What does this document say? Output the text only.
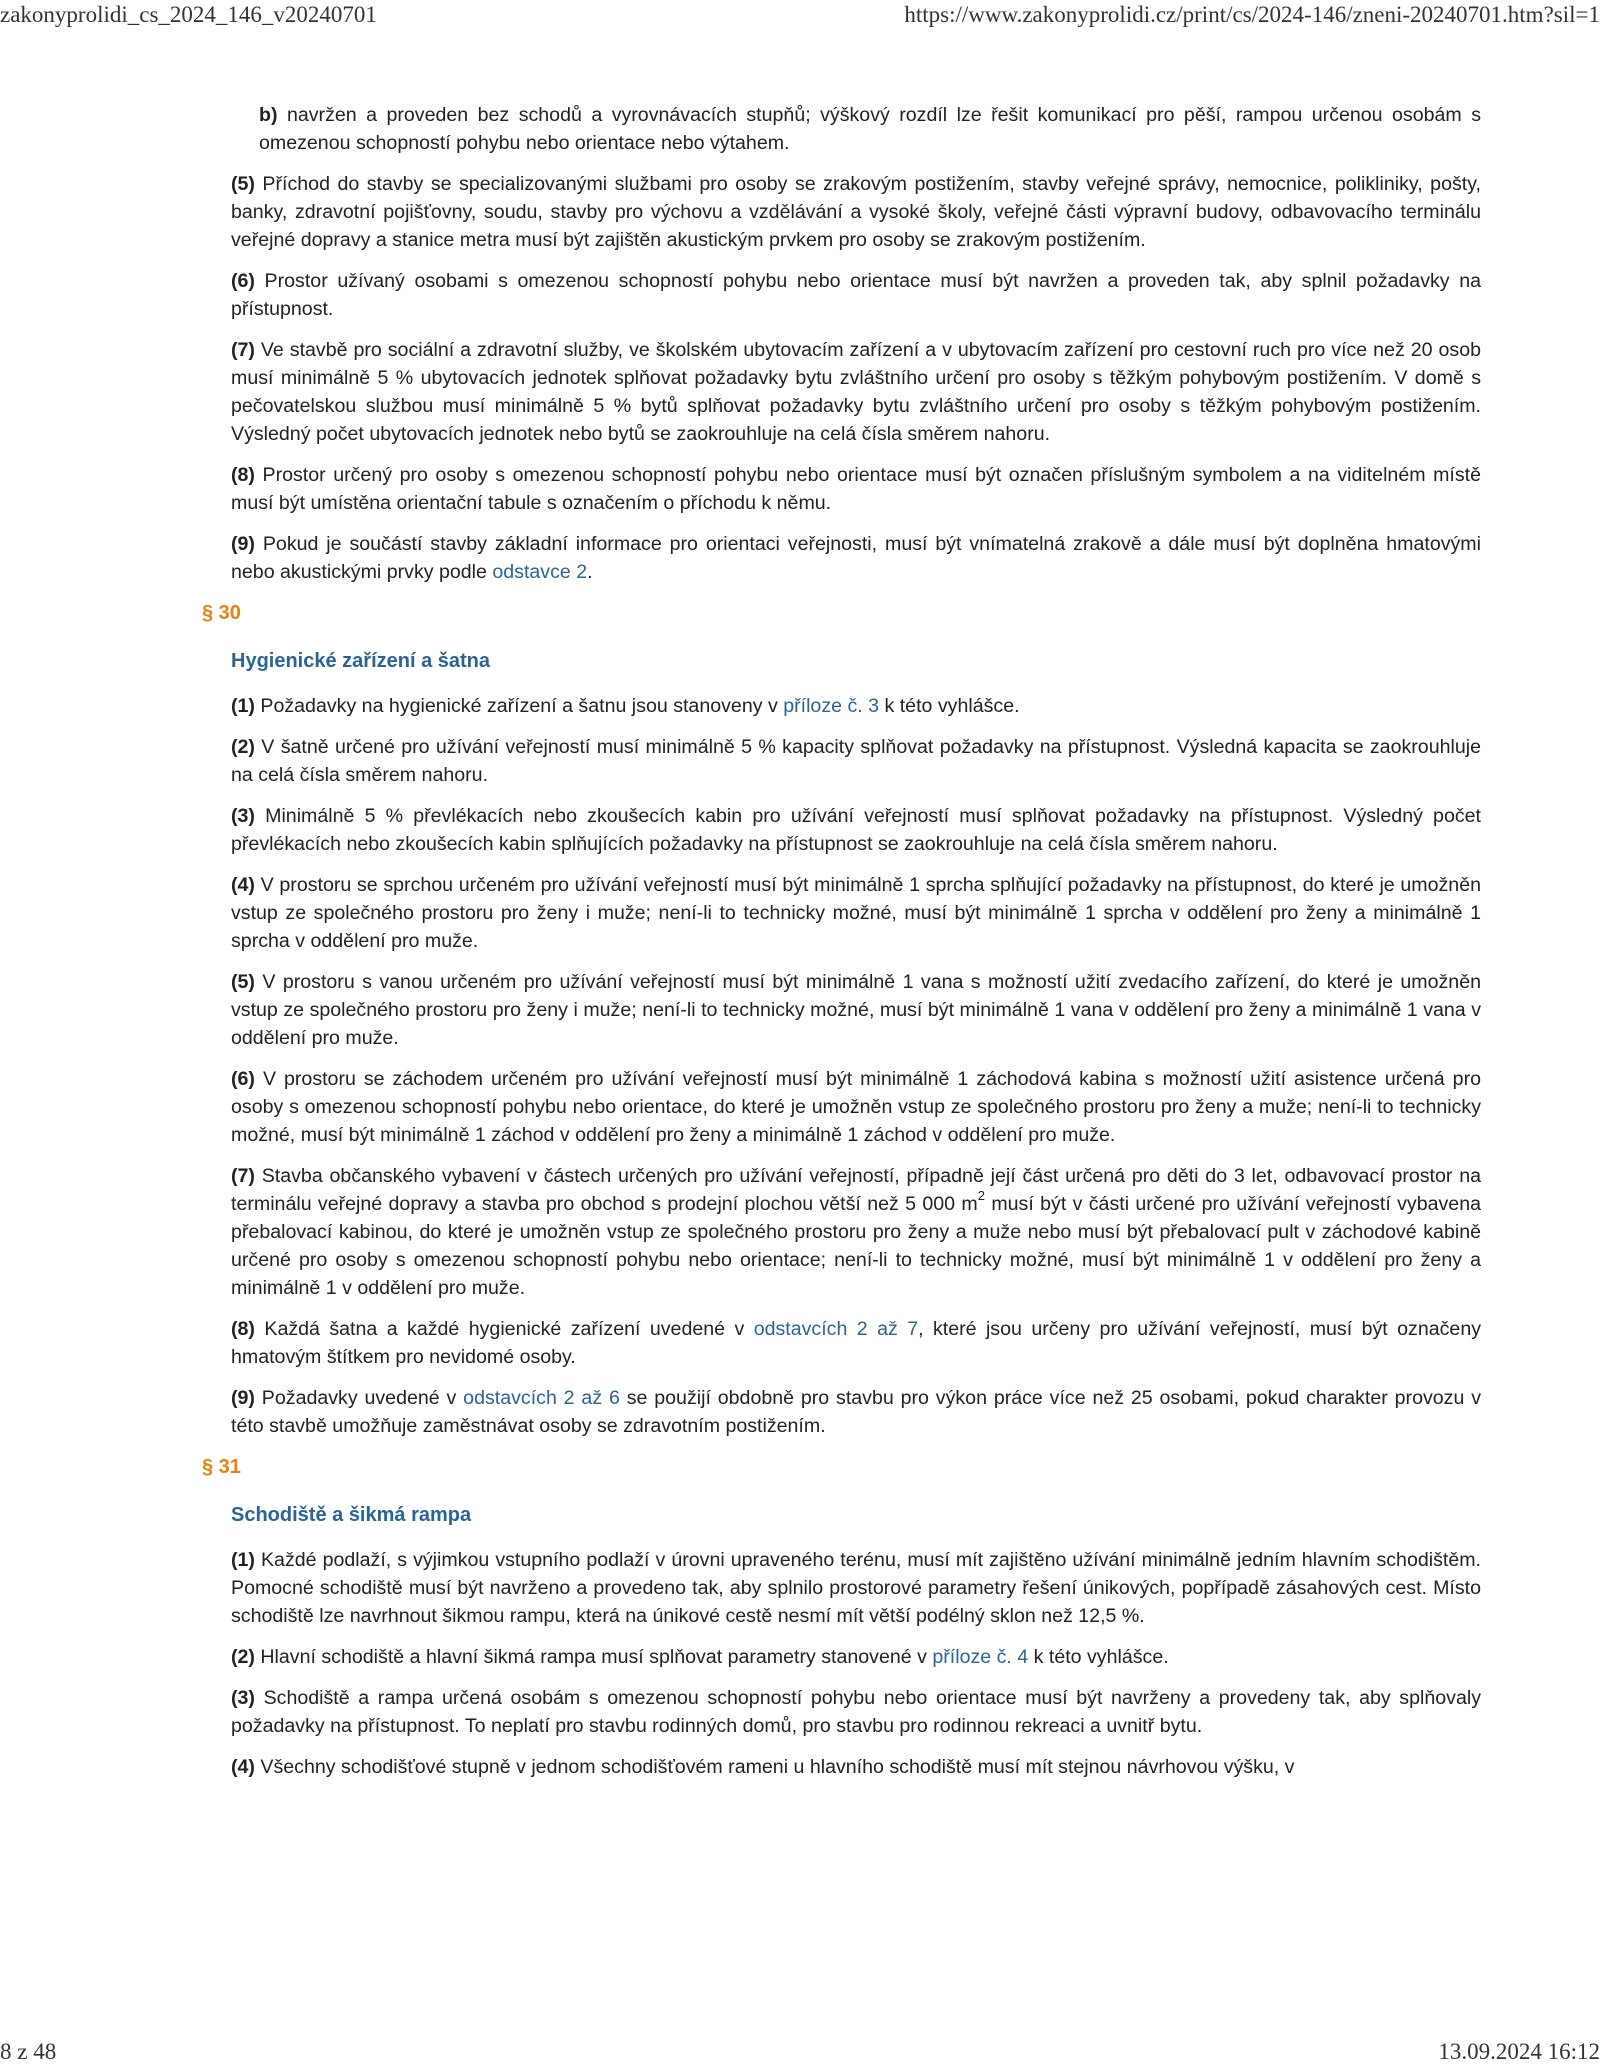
zakonyprolidi_cs_2024_146_v20240701	https://www.zakonyprolidi.cz/print/cs/2024-146/zneni-20240701.htm?sil=1

b) navržen a proveden bez schodů a vyrovnávacích stupňů; výškový rozdíl lze řešit komunikací pro pěší, rampou určenou osobám s omezenou schopností pohybu nebo orientace nebo výtahem.

(5) Příchod do stavby se specializovanými službami pro osoby se zrakovým postižením, stavby veřejné správy, nemocnice, polikliniky, pošty, banky, zdravotní pojišťovny, soudu, stavby pro výchovu a vzdělávání a vysoké školy, veřejné části výpravní budovy, odbavovacího terminálu veřejné dopravy a stanice metra musí být zajištěn akustickým prvkem pro osoby se zrakovým postižením.

(6) Prostor užívaný osobami s omezenou schopností pohybu nebo orientace musí být navržen a proveden tak, aby splnil požadavky na přístupnost.

(7) Ve stavbě pro sociální a zdravotní služby, ve školském ubytovacím zařízení a v ubytovacím zařízení pro cestovní ruch pro více než 20 osob musí minimálně 5 % ubytovacích jednotek splňovat požadavky bytu zvláštního určení pro osoby s těžkým pohybovým postižením. V domě s pečovatelskou službou musí minimálně 5 % bytů splňovat požadavky bytu zvláštního určení pro osoby s těžkým pohybovým postižením. Výsledný počet ubytovacích jednotek nebo bytů se zaokrouhluje na celá čísla směrem nahoru.

(8) Prostor určený pro osoby s omezenou schopností pohybu nebo orientace musí být označen příslušným symbolem a na viditelném místě musí být umístěna orientační tabule s označením o příchodu k němu.

(9) Pokud je součástí stavby základní informace pro orientaci veřejnosti, musí být vnímatelná zrakově a dále musí být doplněna hmatovými nebo akustickými prvky podle odstavce 2.

§ 30
Hygienické zařízení a šatna

(1) Požadavky na hygienické zařízení a šatnu jsou stanoveny v příloze č. 3 k této vyhlášce.

(2) V šatně určené pro užívání veřejností musí minimálně 5 % kapacity splňovat požadavky na přístupnost. Výsledná kapacita se zaokrouhluje na celá čísla směrem nahoru.

(3) Minimálně 5 % převlékacích nebo zkoušecích kabin pro užívání veřejností musí splňovat požadavky na přístupnost. Výsledný počet převlékacích nebo zkoušecích kabin splňujících požadavky na přístupnost se zaokrouhluje na celá čísla směrem nahoru.

(4) V prostoru se sprchou určeném pro užívání veřejností musí být minimálně 1 sprcha splňující požadavky na přístupnost, do které je umožněn vstup ze společného prostoru pro ženy i muže; není-li to technicky možné, musí být minimálně 1 sprcha v oddělení pro ženy a minimálně 1 sprcha v oddělení pro muže.

(5) V prostoru s vanou určeném pro užívání veřejností musí být minimálně 1 vana s možností užití zvedacího zařízení, do které je umožněn vstup ze společného prostoru pro ženy i muže; není-li to technicky možné, musí být minimálně 1 vana v oddělení pro ženy a minimálně 1 vana v oddělení pro muže.

(6) V prostoru se záchodem určeném pro užívání veřejností musí být minimálně 1 záchodová kabina s možností užití asistence určená pro osoby s omezenou schopností pohybu nebo orientace, do které je umožněn vstup ze společného prostoru pro ženy a muže; není-li to technicky možné, musí být minimálně 1 záchod v oddělení pro ženy a minimálně 1 záchod v oddělení pro muže.

(7) Stavba občanského vybavení v částech určených pro užívání veřejností, případně její část určená pro děti do 3 let, odbavovací prostor na terminálu veřejné dopravy a stavba pro obchod s prodejní plochou větší než 5 000 $m^2$ musí být v části určené pro užívání veřejností vybavena přebalovací kabinou, do které je umožněn vstup ze společného prostoru pro ženy a muže nebo musí být přebalovací pult v záchodové kabině určené pro osoby s omezenou schopností pohybu nebo orientace; není-li to technicky možné, musí být minimálně 1 v oddělení pro ženy a minimálně 1 v oddělení pro muže.

(8) Každá šatna a každé hygienické zařízení uvedené v odstavcích 2 až 7, které jsou určeny pro užívání veřejností, musí být označeny hmatovým štítkem pro nevidomé osoby.

(9) Požadavky uvedené v odstavcích 2 až 6 se použijí obdobně pro stavbu pro výkon práce více než 25 osobami, pokud charakter provozu v této stavbě umožňuje zaměstnávat osoby se zdravotním postižením.

§ 31
Schodiště a šikmá rampa

(1) Každé podlaží, s výjimkou vstupního podlaží v úrovni upraveného terénu, musí mít zajištěno užívání minimálně jedním hlavním schodištěm. Pomocné schodiště musí být navrženo a provedeno tak, aby splnilo prostorové parametry řešení únikových, popřípadě zásahových cest. Místo schodiště lze navrhnout šikmou rampu, která na únikové cestě nesmí mít větší podélný sklon než 12,5 %.

(2) Hlavní schodiště a hlavní šikmá rampa musí splňovat parametry stanovené v příloze č. 4 k této vyhlášce.

(3) Schodiště a rampa určená osobám s omezenou schopností pohybu nebo orientace musí být navrženy a provedeny tak, aby splňovaly požadavky na přístupnost. To neplatí pro stavbu rodinných domů, pro stavbu pro rodinnou rekreaci a uvnitř bytu.

(4) Všechny schodišťové stupně v jednom schodišťovém rameni u hlavního schodiště musí mít stejnou návrhovou výšku, v

8 z 48	13.09.2024 16:12
